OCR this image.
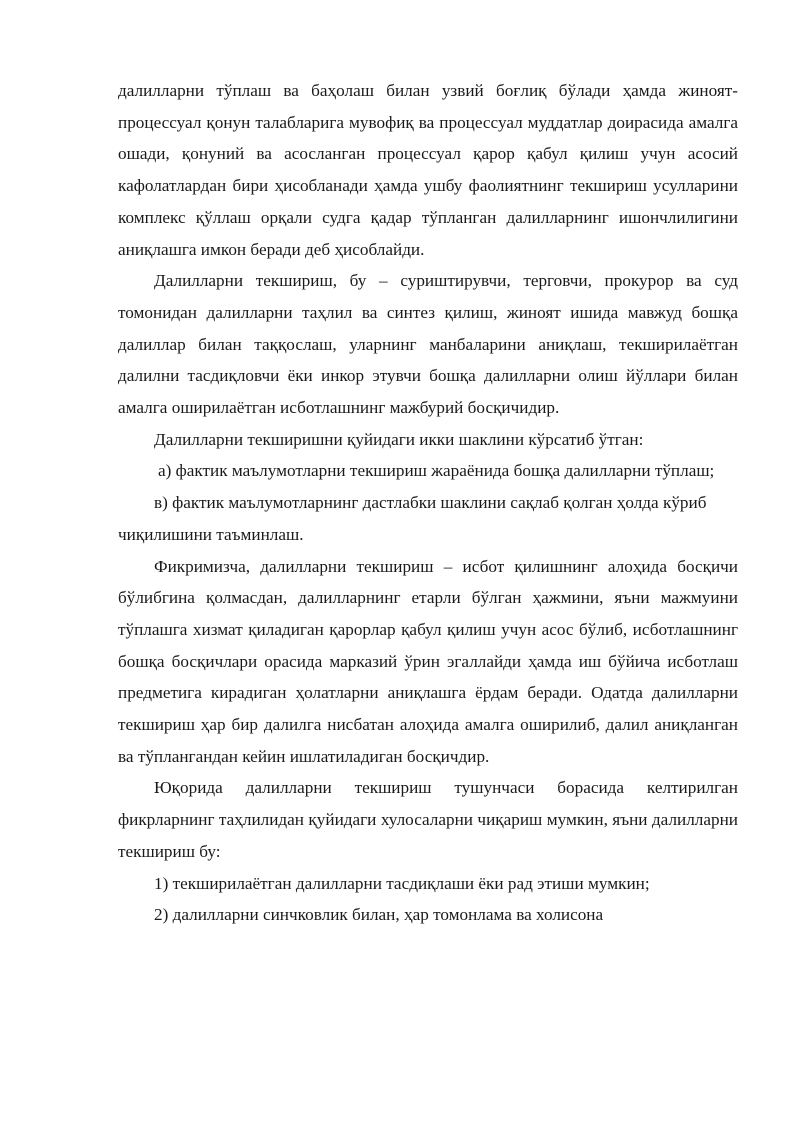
далилларни тўплаш ва баҳолаш билан узвий боғлиқ бўлади ҳамда жиноят-процессуал қонун талабларига мувофиқ ва процессуал муддатлар доирасида амалга ошади, қонуний ва асосланган процессуал қарор қабул қилиш учун асосий кафолатлардан бири ҳисобланади ҳамда ушбу фаолиятнинг текшириш усулларини комплекс қўллаш орқали судга қадар тўпланган далилларнинг ишончлилигини аниқлашга имкон беради деб ҳисоблайди.

Далилларни текшириш, бу – суриштирувчи, терговчи, прокурор ва суд томонидан далилларни таҳлил ва синтез қилиш, жиноят ишида мавжуд бошқа далиллар билан таққослаш, уларнинг манбаларини аниқлаш, текширилаётган далилни тасдиқловчи ёки инкор этувчи бошқа далилларни олиш йўллари билан амалга оширилаётган исботлашнинг мажбурий босқичидир.

Далилларни текширишни қуйидаги икки шаклини кўрсатиб ўтган:

а) фактик маълумотларни текшириш жараёнида бошқа далилларни тўплаш;

в) фактик маълумотларнинг дастлабки шаклини сақлаб қолган ҳолда кўриб чиқилишини таъминлаш.

Фикримизча, далилларни текшириш – исбот қилишнинг алоҳида босқичи бўлибгина қолмасдан, далилларнинг етарли бўлган ҳажмини, яъни мажмуини тўплашга хизмат қиладиган қарорлар қабул қилиш учун асос бўлиб, исботлашнинг бошқа босқичлари орасида марказий ўрин эгаллайди ҳамда иш бўйича исботлаш предметига кирадиган ҳолатларни аниқлашга ёрдам беради. Одатда далилларни текшириш ҳар бир далилга нисбатан алоҳида амалга оширилиб, далил аниқланган ва тўплангандан кейин ишлатиладиган босқичдир.

Юқорида далилларни текшириш тушунчаси борасида келтирилган фикрларнинг таҳлилидан қуйидаги хулосаларни чиқариш мумкин, яъни далилларни текшириш бу:

1) текширилаётган далилларни тасдиқлаши ёки рад этиши мумкин;

2) далилларни синчковлик билан, ҳар томонлама ва холисона
